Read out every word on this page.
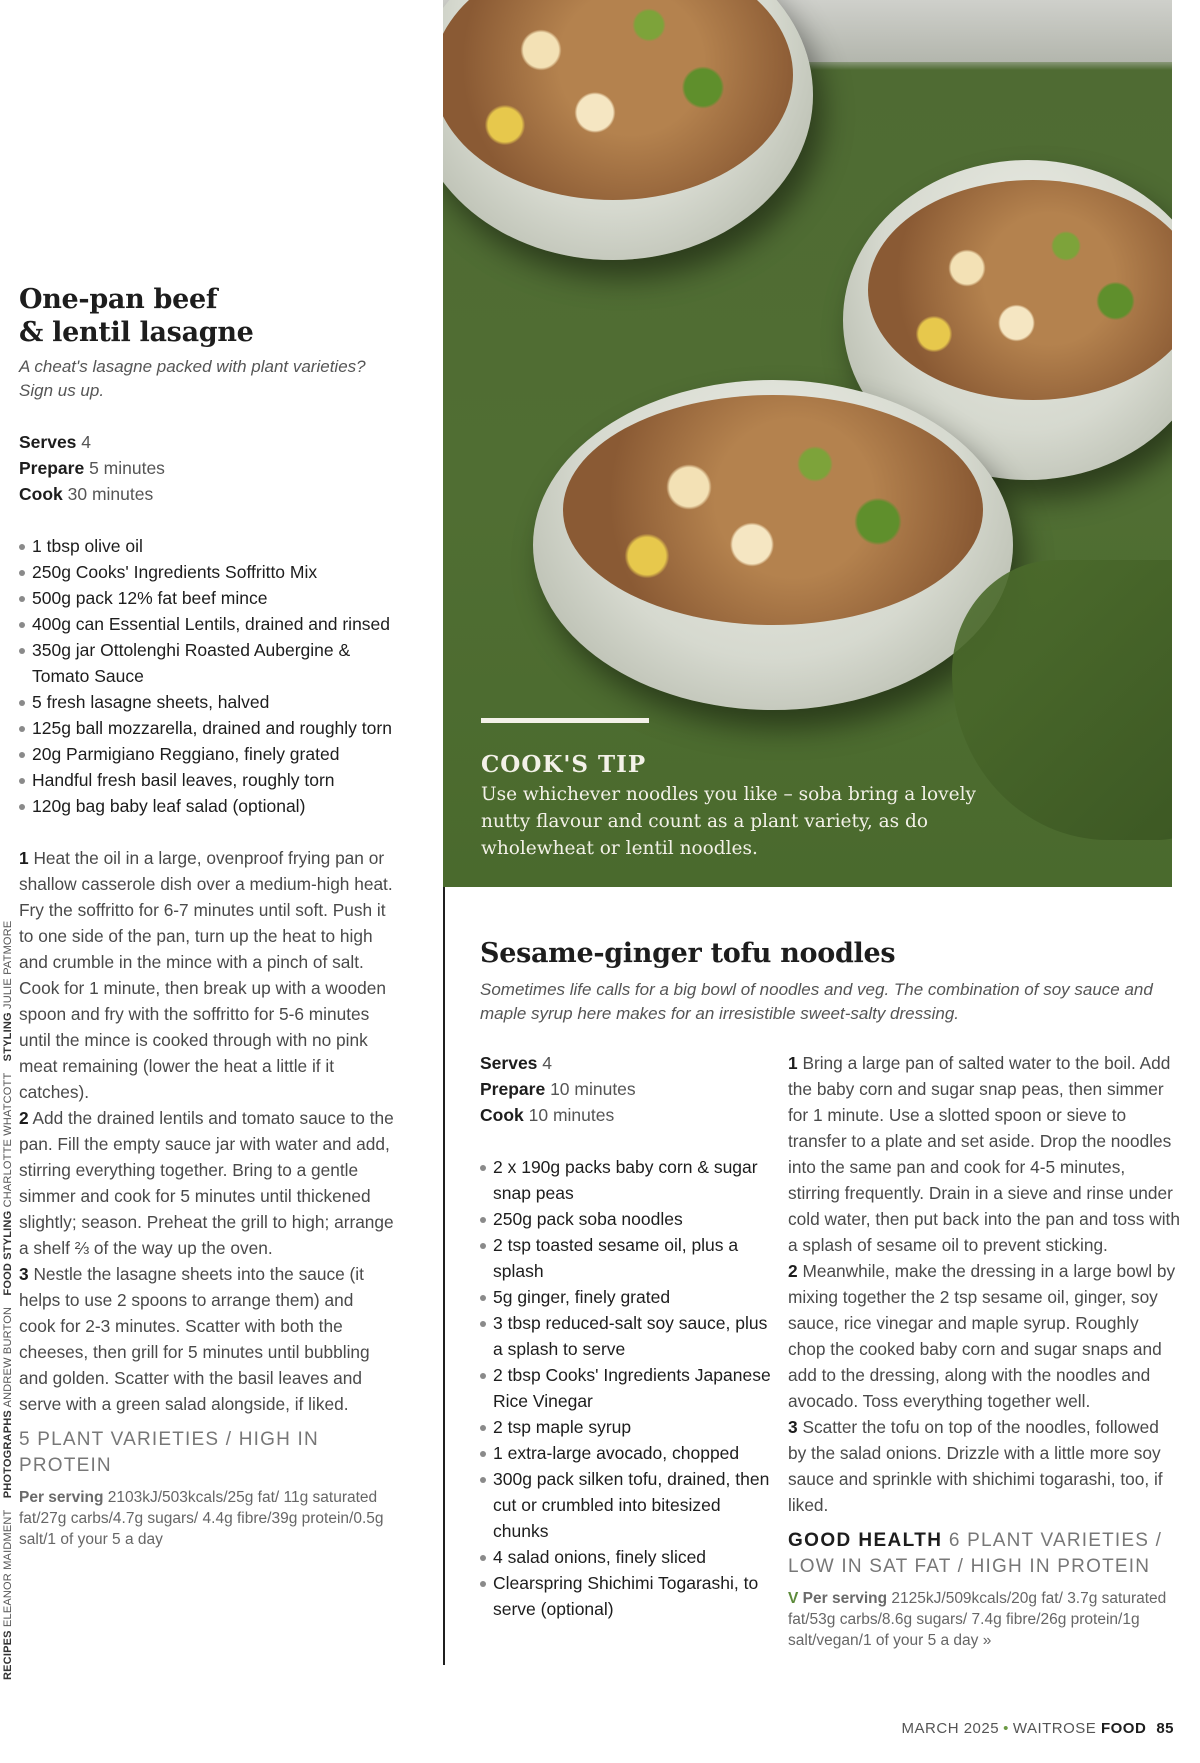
RECIPES ELEANOR MAIDMENT PHOTOGRAPHS ANDREW BURTON FOOD STYLING CHARLOTTE WHATCOTT STYLING JULIE PATMORE
One-pan beef
& lentil lasagne

A cheat's lasagne packed with plant varieties? Sign us up.

Serves 4
Prepare 5 minutes
Cook 30 minutes
1 tbsp olive oil
250g Cooks' Ingredients Soffritto Mix
500g pack 12% fat beef mince
400g can Essential Lentils, drained and rinsed
350g jar Ottolenghi Roasted Aubergine & Tomato Sauce
5 fresh lasagne sheets, halved
125g ball mozzarella, drained and roughly torn
20g Parmigiano Reggiano, finely grated
Handful fresh basil leaves, roughly torn
120g bag baby leaf salad (optional)

1 Heat the oil in a large, ovenproof frying pan or shallow casserole dish over a medium-high heat. Fry the soffritto for 6-7 minutes until soft. Push it to one side of the pan, turn up the heat to high and crumble in the mince with a pinch of salt. Cook for 1 minute, then break up with a wooden spoon and fry with the soffritto for 5-6 minutes until the mince is cooked through with no pink meat remaining (lower the heat a little if it catches).

2 Add the drained lentils and tomato sauce to the pan. Fill the empty sauce jar with water and add, stirring everything together. Bring to a gentle simmer and cook for 5 minutes until thickened slightly; season. Preheat the grill to high; arrange a shelf ⅔ of the way up the oven.

3 Nestle the lasagne sheets into the sauce (it helps to use 2 spoons to arrange them) and cook for 2-3 minutes. Scatter with both the cheeses, then grill for 5 minutes until bubbling and golden. Scatter with the basil leaves and serve with a green salad alongside, if liked.

5 PLANT VARIETIES / HIGH IN PROTEIN
Per serving 2103kJ/503kcals/25g fat/ 11g saturated fat/27g carbs/4.7g sugars/ 4.4g fibre/39g protein/0.5g salt/1 of your 5 a day
COOK'S TIP

Use whichever noodles you like – soba bring a lovely nutty flavour and count as a plant variety, as do wholewheat or lentil noodles.

Sesame-ginger tofu noodles

Sometimes life calls for a big bowl of noodles and veg. The combination of soy sauce and maple syrup here makes for an irresistible sweet-salty dressing.

Serves 4
Prepare 10 minutes
Cook 10 minutes
2 x 190g packs baby corn & sugar snap peas
250g pack soba noodles
2 tsp toasted sesame oil, plus a splash
5g ginger, finely grated
3 tbsp reduced-salt soy sauce, plus a splash to serve
2 tbsp Cooks' Ingredients Japanese Rice Vinegar
2 tsp maple syrup
1 extra-large avocado, chopped
300g pack silken tofu, drained, then cut or crumbled into bitesized chunks
4 salad onions, finely sliced
Clearspring Shichimi Togarashi, to serve (optional)

1 Bring a large pan of salted water to the boil. Add the baby corn and sugar snap peas, then simmer for 1 minute. Use a slotted spoon or sieve to transfer to a plate and set aside. Drop the noodles into the same pan and cook for 4-5 minutes, stirring frequently. Drain in a sieve and rinse under cold water, then put back into the pan and toss with a splash of sesame oil to prevent sticking.

2 Meanwhile, make the dressing in a large bowl by mixing together the 2 tsp sesame oil, ginger, soy sauce, rice vinegar and maple syrup. Roughly chop the cooked baby corn and sugar snaps and add to the dressing, along with the noodles and avocado. Toss everything together well.

3 Scatter the tofu on top of the noodles, followed by the salad onions. Drizzle with a little more soy sauce and sprinkle with shichimi togarashi, too, if liked.

GOOD HEALTH 6 PLANT VARIETIES / LOW IN SAT FAT / HIGH IN PROTEIN
V Per serving 2125kJ/509kcals/20g fat/ 3.7g saturated fat/53g carbs/8.6g sugars/ 7.4g fibre/26g protein/1g salt/vegan/1 of your 5 a day »
MARCH 2025 • WAITROSE FOOD 85
